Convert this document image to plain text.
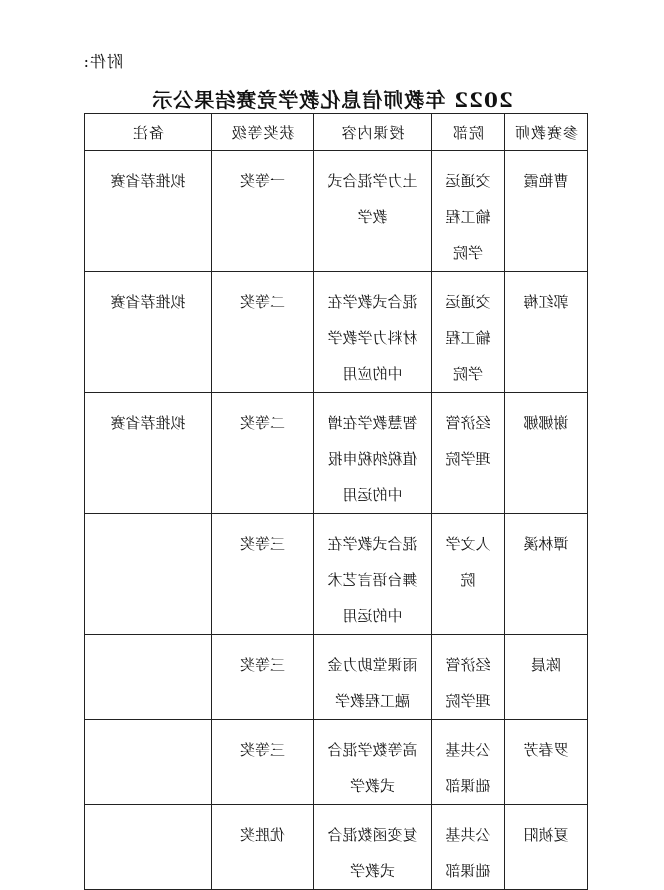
附件:
2022 年教师信息化教学竞赛结果公示
参赛教师	院部	授课内容	获奖等级	备注

曹艳霞	交通运输工程学院	土力学混合式教学	一等奖	拟推荐省赛

郭红梅	交通运输工程学院	混合式教学在材料力学教学中的应用	二等奖	拟推荐省赛

谢娜娜	经济管理学院	智慧教学在增值税纳税申报中的运用	二等奖	拟推荐省赛

谭林溪	人文学院	混合式教学在舞台语言艺术中的运用	三等奖	

陈晨	经济管理学院	雨课堂助力金融工程教学	三等奖	

罗春芳	公共基础课部	高等数学混合式教学	三等奖	

夏祯阳	公共基础课部	复变函数混合式教学	优胜奖	
